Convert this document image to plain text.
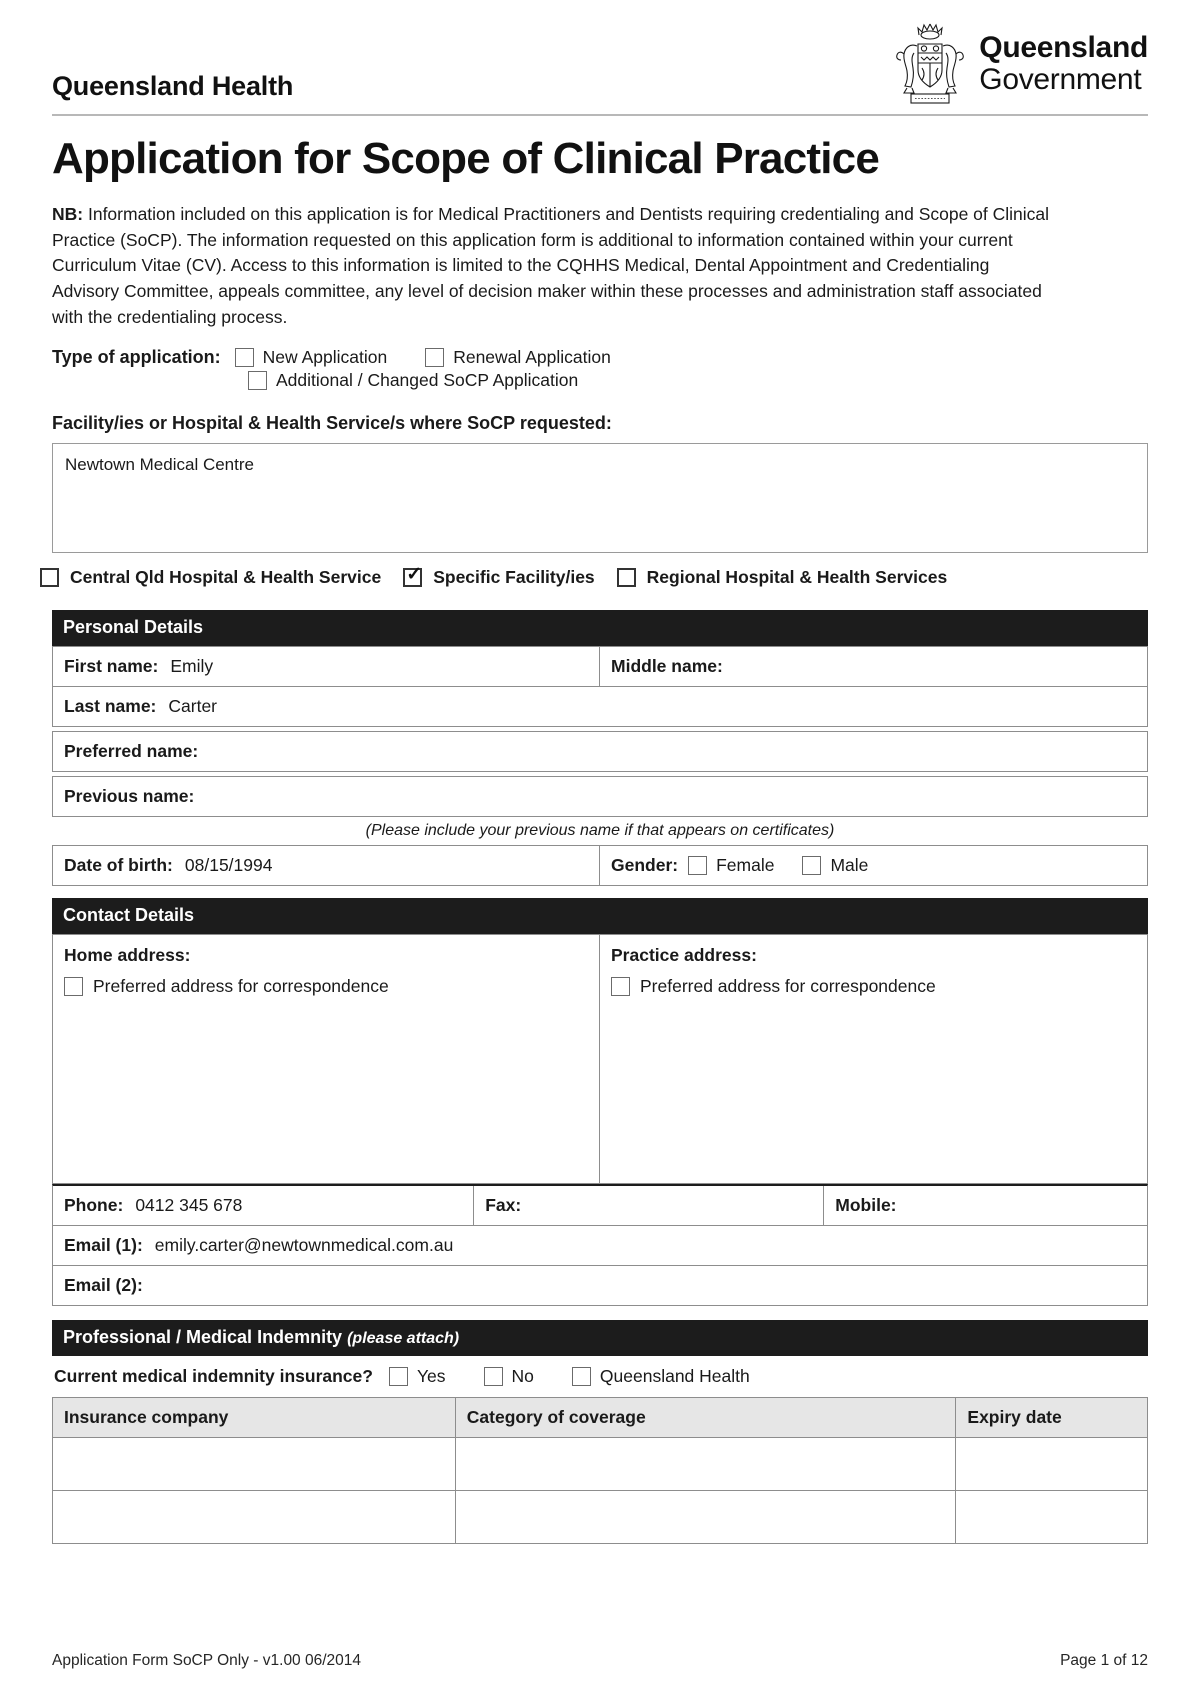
Queensland Health
Queensland
Government
Application for Scope of Clinical Practice

NB: Information included on this application is for Medical Practitioners and Dentists requiring credentialing and Scope of Clinical Practice (SoCP). The information requested on this application form is additional to information contained within your current Curriculum Vitae (CV). Access to this information is limited to the CQHHS Medical, Dental Appointment and Credentialing Advisory Committee, appeals committee, any level of decision maker within these processes and administration staff associated with the credentialing process.

Type of application: New Application	Renewal Application
Additional / Changed SoCP Application
Facility/ies or Hospital & Health Service/s where SoCP requested:
Newtown Medical Centre
Central Qld Hospital & Health Service ✓	Specific Facility/ies	Regional Hospital & Health Services
Personal Details
First name: Emily	Middle name:
Last name: Carter
Preferred name:
Previous name:
(Please include your previous name if that appears on certificates)
Date of birth: 08/15/1994	Gender: Female	Male
Contact Details
Home address:
Preferred address for correspondence
Practice address:
Preferred address for correspondence
Phone: 0412 345 678	Fax:	Mobile:
Email (1): emily.carter@newtownmedical.com.au
Email (2):
Professional / Medical Indemnity (please attach)
Current medical indemnity insurance?	Yes	No	Queensland Health
Insurance company	Category of coverage	Expiry date

Application Form SoCP Only - v1.00 06/2014	Page 1 of 12
